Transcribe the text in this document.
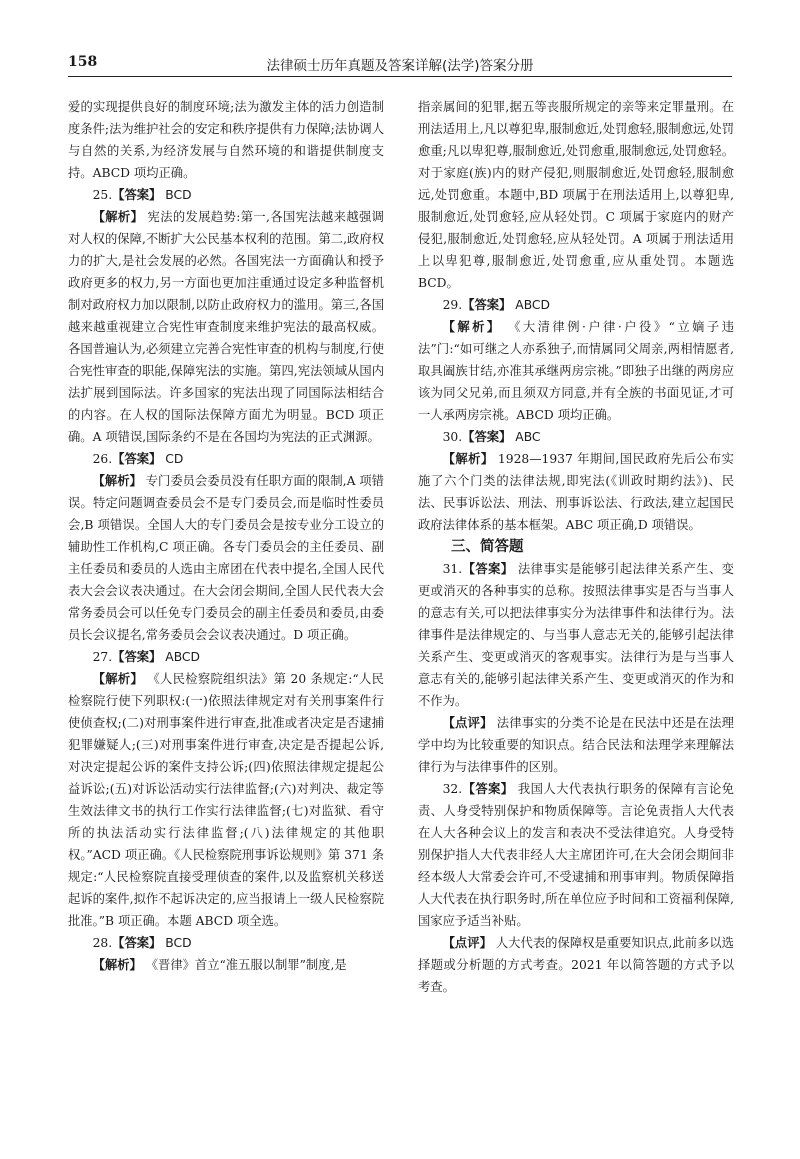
158	法律硕士历年真题及答案详解(法学)答案分册

爱的实现提供良好的制度环境;法为激发主体的活力创造制度条件;法为维护社会的安定和秩序提供有力保障;法协调人与自然的关系,为经济发展与自然环境的和谐提供制度支持。ABCD 项均正确。

25.【答案】 BCD

【解析】 宪法的发展趋势:第一,各国宪法越来越强调对人权的保障,不断扩大公民基本权利的范围。第二,政府权力的扩大,是社会发展的必然。各国宪法一方面确认和授予政府更多的权力,另一方面也更加注重通过设定多种监督机制对政府权力加以限制,以防止政府权力的滥用。第三,各国越来越重视建立合宪性审查制度来维护宪法的最高权威。各国普遍认为,必须建立完善合宪性审查的机构与制度,行使合宪性审查的职能,保障宪法的实施。第四,宪法领域从国内法扩展到国际法。许多国家的宪法出现了同国际法相结合的内容。在人权的国际法保障方面尤为明显。BCD 项正确。A 项错误,国际条约不是在各国均为宪法的正式渊源。

26.【答案】 CD

【解析】 专门委员会委员没有任职方面的限制,A 项错误。特定问题调查委员会不是专门委员会,而是临时性委员会,B 项错误。全国人大的专门委员会是按专业分工设立的辅助性工作机构,C 项正确。各专门委员会的主任委员、副主任委员和委员的人选由主席团在代表中提名,全国人民代表大会会议表决通过。在大会闭会期间,全国人民代表大会常务委员会可以任免专门委员会的副主任委员和委员,由委员长会议提名,常务委员会会议表决通过。D 项正确。

27.【答案】 ABCD

【解析】 《人民检察院组织法》第 20 条规定:“人民检察院行使下列职权:(一)依照法律规定对有关刑事案件行使侦查权;(二)对刑事案件进行审查,批准或者决定是否逮捕犯罪嫌疑人;(三)对刑事案件进行审查,决定是否提起公诉,对决定提起公诉的案件支持公诉;(四)依照法律规定提起公益诉讼;(五)对诉讼活动实行法律监督;(六)对判决、裁定等生效法律文书的执行工作实行法律监督;(七)对监狱、看守所的执法活动实行法律监督;(八)法律规定的其他职权。”ACD 项正确。《人民检察院刑事诉讼规则》第 371 条规定:“人民检察院直接受理侦查的案件,以及监察机关移送起诉的案件,拟作不起诉决定的,应当报请上一级人民检察院批准。”B 项正确。本题 ABCD 项全选。

28.【答案】 BCD

【解析】 《晋律》首立“准五服以制罪”制度,是

指亲属间的犯罪,据五等丧服所规定的亲等来定罪量刑。在刑法适用上,凡以尊犯卑,服制愈近,处罚愈轻,服制愈远,处罚愈重;凡以卑犯尊,服制愈近,处罚愈重,服制愈远,处罚愈轻。对于家庭(族)内的财产侵犯,则服制愈近,处罚愈轻,服制愈远,处罚愈重。本题中,BD 项属于在刑法适用上,以尊犯卑,服制愈近,处罚愈轻,应从轻处罚。C 项属于家庭内的财产侵犯,服制愈近,处罚愈轻,应从轻处罚。A 项属于刑法适用上以卑犯尊,服制愈近,处罚愈重,应从重处罚。本题选 BCD。

29.【答案】 ABCD

【解析】 《大清律例·户律·户役》“立嫡子违法”门:“如可继之人亦系独子,而情属同父周亲,两相情愿者,取具阖族甘结,亦准其承继两房宗祧。”即独子出继的两房应该为同父兄弟,而且须双方同意,并有全族的书面见证,才可一人承两房宗祧。ABCD 项均正确。

30.【答案】 ABC

【解析】 1928—1937 年期间,国民政府先后公布实施了六个门类的法律法规,即宪法(《训政时期约法》)、民法、民事诉讼法、刑法、刑事诉讼法、行政法,建立起国民政府法律体系的基本框架。ABC 项正确,D 项错误。

三、简答题

31.【答案】 法律事实是能够引起法律关系产生、变更或消灭的各种事实的总称。按照法律事实是否与当事人的意志有关,可以把法律事实分为法律事件和法律行为。法律事件是法律规定的、与当事人意志无关的,能够引起法律关系产生、变更或消灭的客观事实。法律行为是与当事人意志有关的,能够引起法律关系产生、变更或消灭的作为和不作为。

【点评】 法律事实的分类不论是在民法中还是在法理学中均为比较重要的知识点。结合民法和法理学来理解法律行为与法律事件的区别。

32.【答案】 我国人大代表执行职务的保障有言论免责、人身受特别保护和物质保障等。言论免责指人大代表在人大各种会议上的发言和表决不受法律追究。人身受特别保护指人大代表非经人大主席团许可,在大会闭会期间非经本级人大常委会许可,不受逮捕和刑事审判。物质保障指人大代表在执行职务时,所在单位应予时间和工资福利保障,国家应予适当补贴。

【点评】 人大代表的保障权是重要知识点,此前多以选择题或分析题的方式考查。2021 年以简答题的方式予以考查。
